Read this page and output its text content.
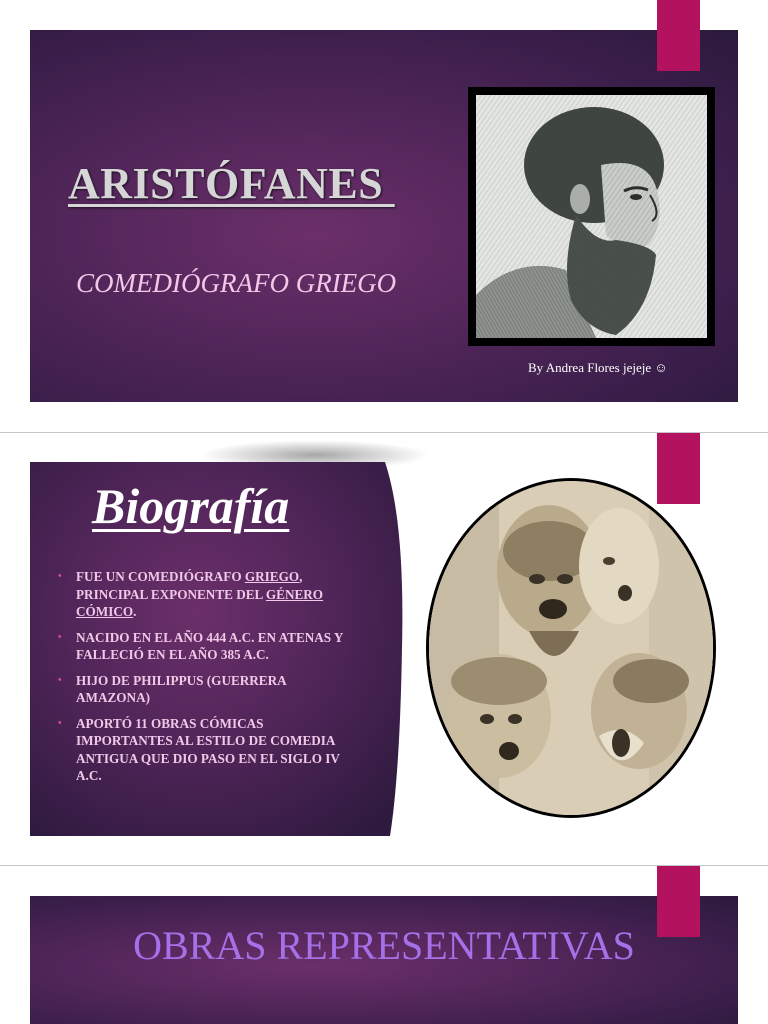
ARISTÓFANES

COMEDIÓGRAFO GRIEGO

By Andrea Flores jejeje ☺
Biografía
• FUE UN COMEDIÓGRAFO GRIEGO, PRINCIPAL EXPONENTE DEL GÉNERO CÓMICO.
• NACIDO EN EL AÑO 444 A.C. EN ATENAS Y FALLECIÓ EN EL AÑO 385 A.C.
• HIJO DE PHILIPPUS (GUERRERA AMAZONA)
• APORTÓ 11 OBRAS CÓMICAS IMPORTANTES AL ESTILO DE COMEDIA ANTIGUA QUE DIO PASO EN EL SIGLO IV A.C.
OBRAS REPRESENTATIVAS
